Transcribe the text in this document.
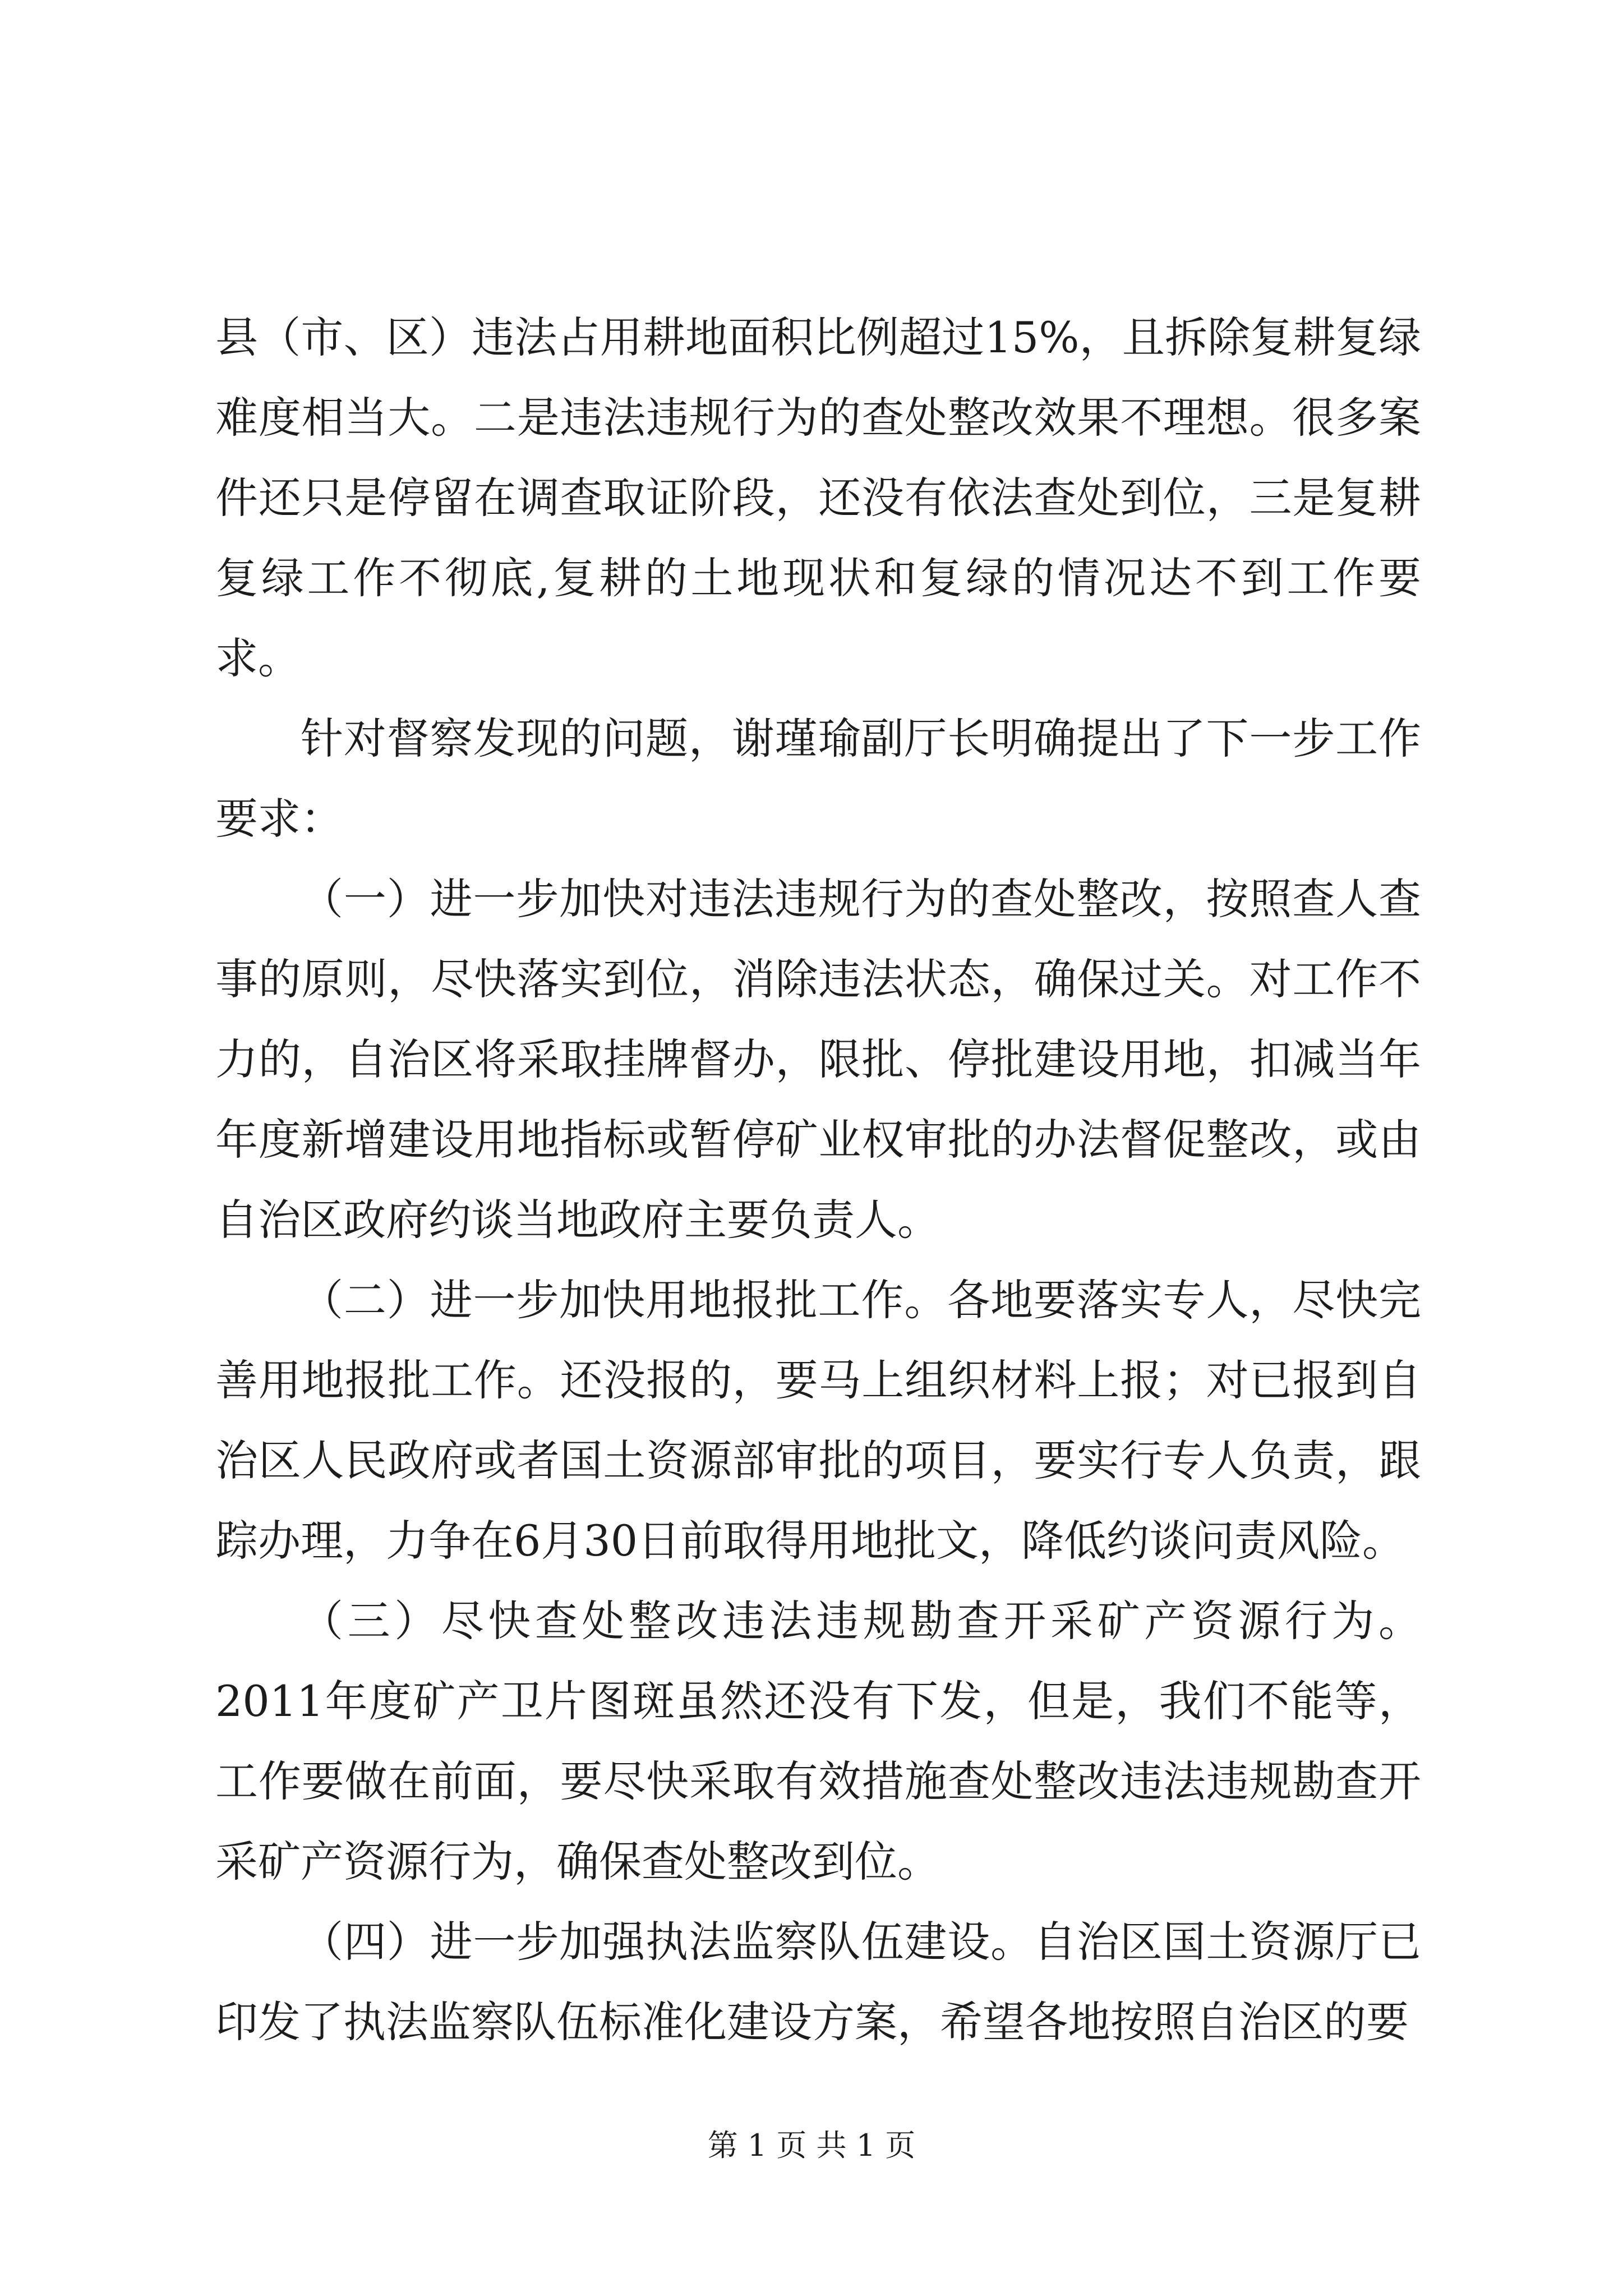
县（市、区）违法占用耕地面积比例超过15%，且拆除复耕复绿难度相当大。二是违法违规行为的查处整改效果不理想。很多案件还只是停留在调查取证阶段，还没有依法查处到位，三是复耕复绿工作不彻底,复耕的土地现状和复绿的情况达不到工作要求。

针对督察发现的问题，谢瑾瑜副厅长明确提出了下一步工作要求：

（一）进一步加快对违法违规行为的查处整改，按照查人查事的原则，尽快落实到位，消除违法状态，确保过关。对工作不力的，自治区将采取挂牌督办，限批、停批建设用地，扣减当年年度新增建设用地指标或暂停矿业权审批的办法督促整改，或由自治区政府约谈当地政府主要负责人。

（二）进一步加快用地报批工作。各地要落实专人，尽快完善用地报批工作。还没报的，要马上组织材料上报；对已报到自治区人民政府或者国土资源部审批的项目，要实行专人负责，跟踪办理，力争在6月30日前取得用地批文，降低约谈问责风险。

（三）尽快查处整改违法违规勘查开采矿产资源行为。2011年度矿产卫片图斑虽然还没有下发，但是，我们不能等，工作要做在前面，要尽快采取有效措施查处整改违法违规勘查开采矿产资源行为，确保查处整改到位。

（四）进一步加强执法监察队伍建设。自治区国土资源厅已印发了执法监察队伍标准化建设方案，希望各地按照自治区的要

第 1 页 共 1 页
